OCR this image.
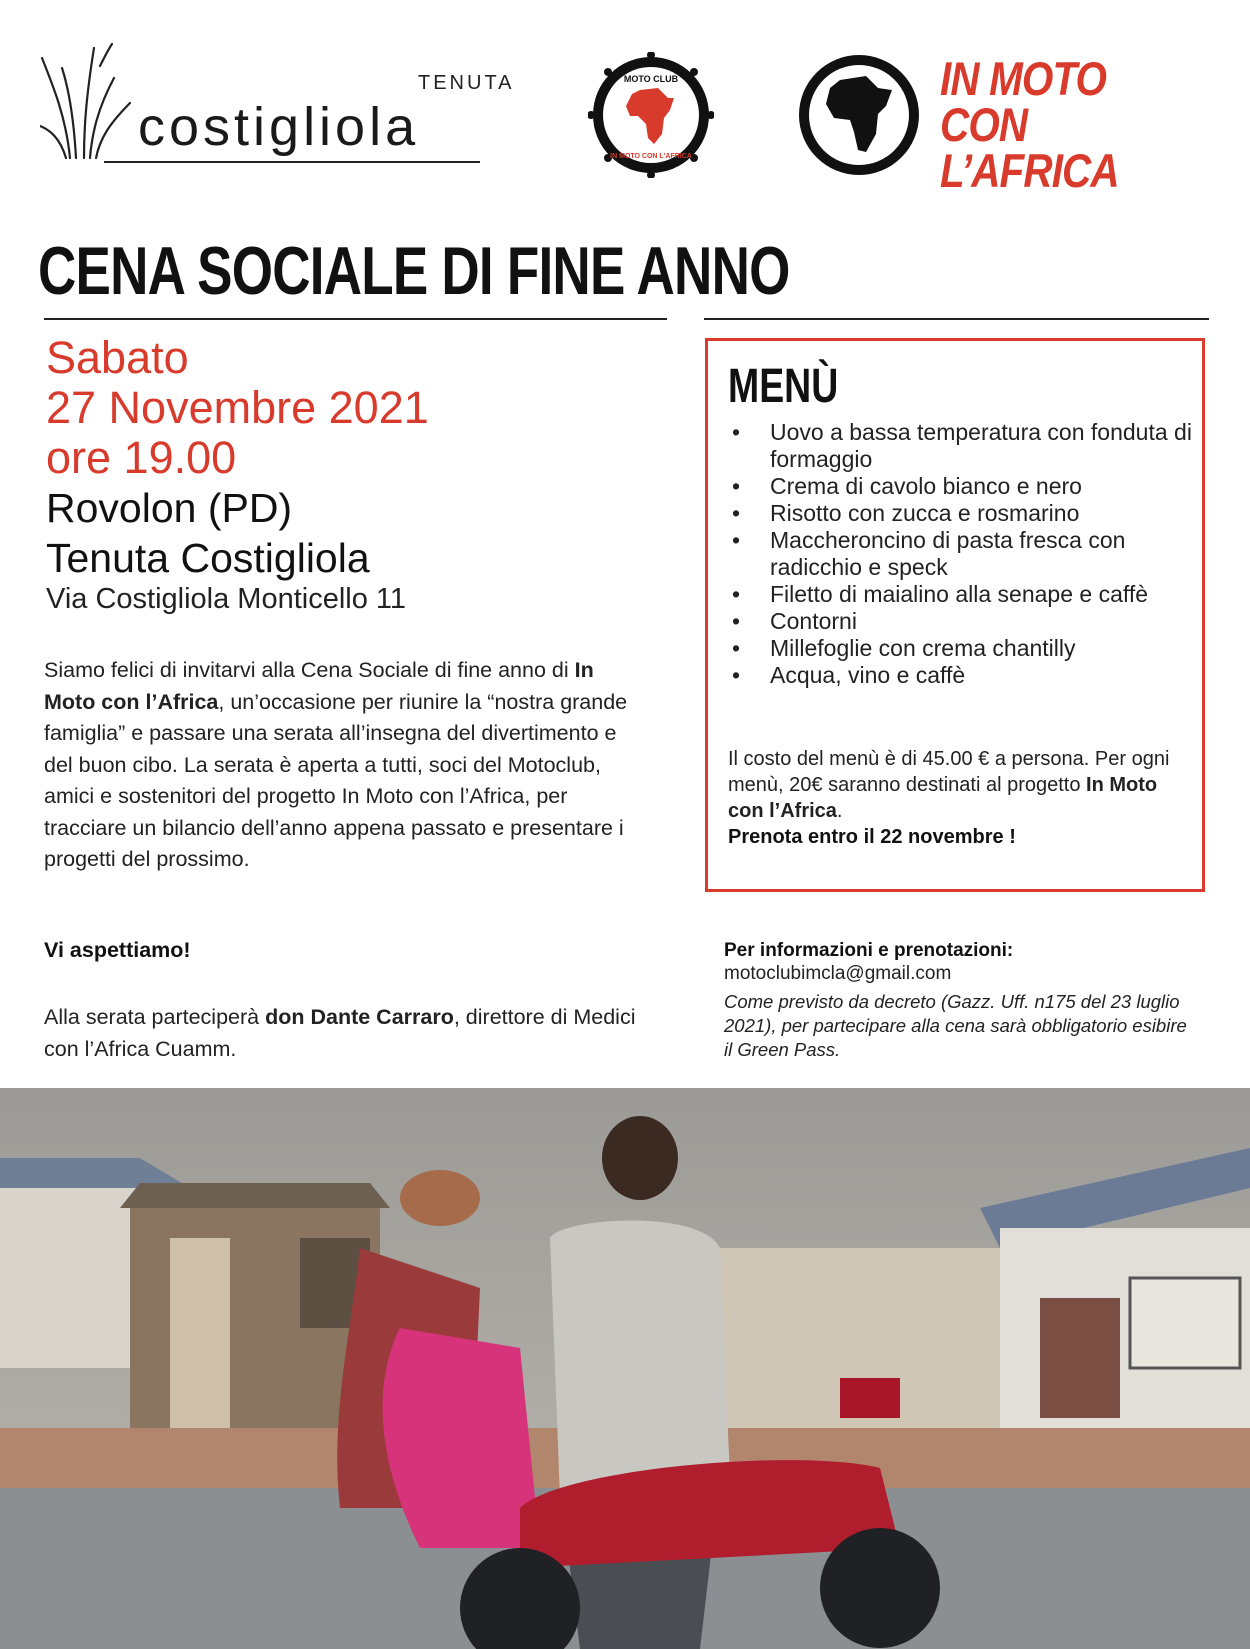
TENUTA
costigliola
MOTO CLUB
IN MOTO CON L'AFRICA
IN MOTO
CON L’AFRICA
CENA SOCIALE DI FINE ANNO
Sabato
27 Novembre 2021
ore 19.00
Rovolon (PD)
Tenuta Costigliola
Via Costigliola Monticello 11
Siamo felici di invitarvi alla Cena Sociale di fine anno di In Moto con l’Africa, un’occasione per riunire la “nostra grande famiglia” e passare una serata all’insegna del divertimento e del buon cibo. La serata è aperta a tutti, soci del Motoclub, amici e sostenitori del progetto In Moto con l’Africa, per tracciare un bilancio dell’anno appena passato e presentare i progetti del prossimo.
Vi aspettiamo!
Alla serata parteciperà don Dante Carraro, direttore di Medici con l’Africa Cuamm.
MENÙ
• Uovo a bassa temperatura con fonduta di formaggio
• Crema di cavolo bianco e nero
• Risotto con zucca e rosmarino
• Maccheroncino di pasta fresca con radicchio e speck
• Filetto di maialino alla senape e caffè
• Contorni
• Millefoglie con crema chantilly
• Acqua, vino e caffè
Il costo del menù è di 45.00 € a persona. Per ogni menù, 20€ saranno destinati al progetto In Moto con l’Africa.
Prenota entro il 22 novembre !
Per informazioni e prenotazioni:
motoclubimcla@gmail.com
Come previsto da decreto (Gazz. Uff. n175 del 23 luglio 2021), per partecipare alla cena sarà obbligatorio esibire il Green Pass.
